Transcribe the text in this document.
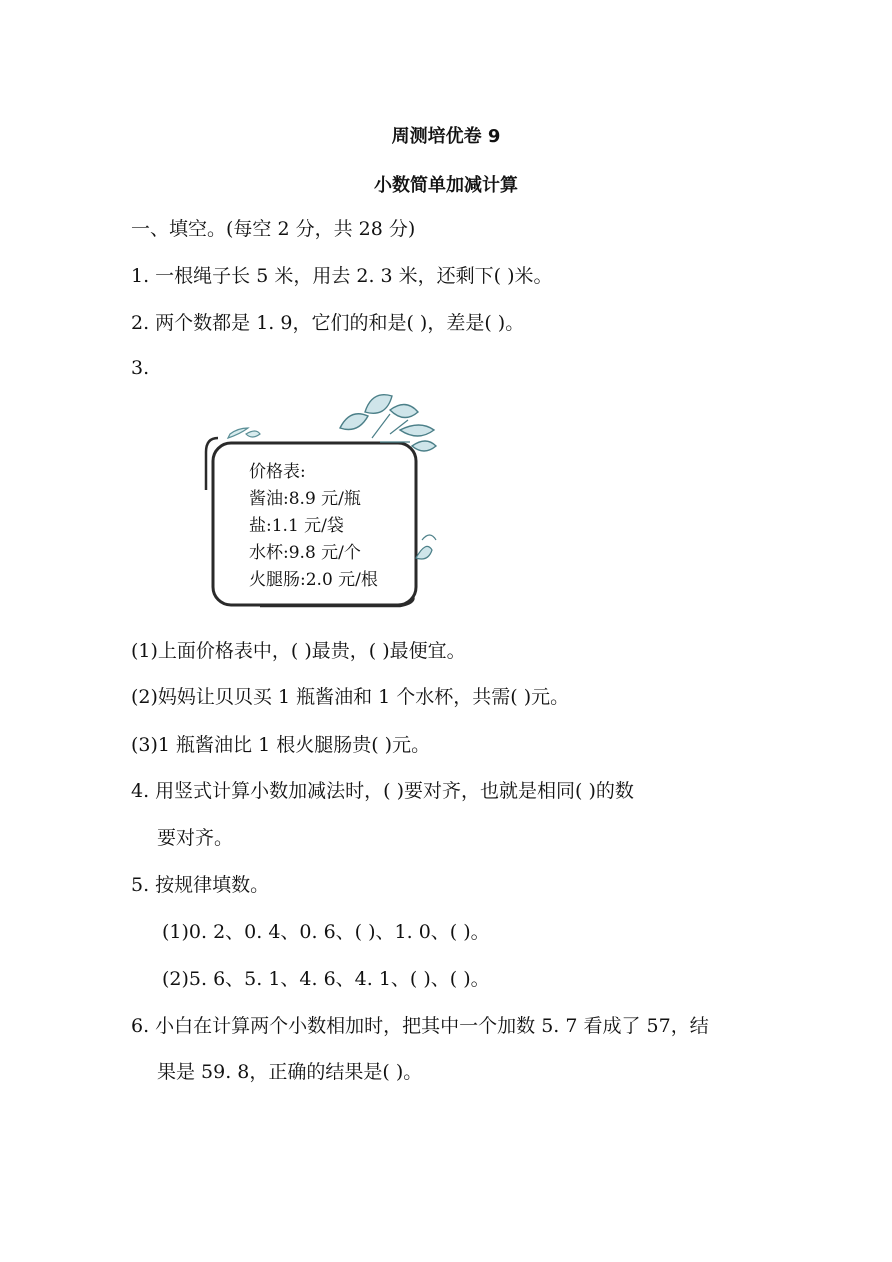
周测培优卷 9
小数简单加减计算
一、填空。(每空 2 分，共 28 分)
1. 一根绳子长 5 米，用去 2. 3 米，还剩下( )米。
2. 两个数都是 1. 9，它们的和是( )，差是( )。
3.
价格表:
酱油:8.9 元/瓶
盐:1.1 元/袋
水杯:9.8 元/个
火腿肠:2.0 元/根
(1)上面价格表中，( )最贵，( )最便宜。
(2)妈妈让贝贝买 1 瓶酱油和 1 个水杯，共需( )元。
(3)1 瓶酱油比 1 根火腿肠贵( )元。
4. 用竖式计算小数加减法时，( )要对齐，也就是相同( )的数
要对齐。
5. 按规律填数。
(1)0. 2、0. 4、0. 6、( )、1. 0、( )。
(2)5. 6、5. 1、4. 6、4. 1、( )、( )。
6. 小白在计算两个小数相加时，把其中一个加数 5. 7 看成了 57，结
果是 59. 8，正确的结果是( )。
